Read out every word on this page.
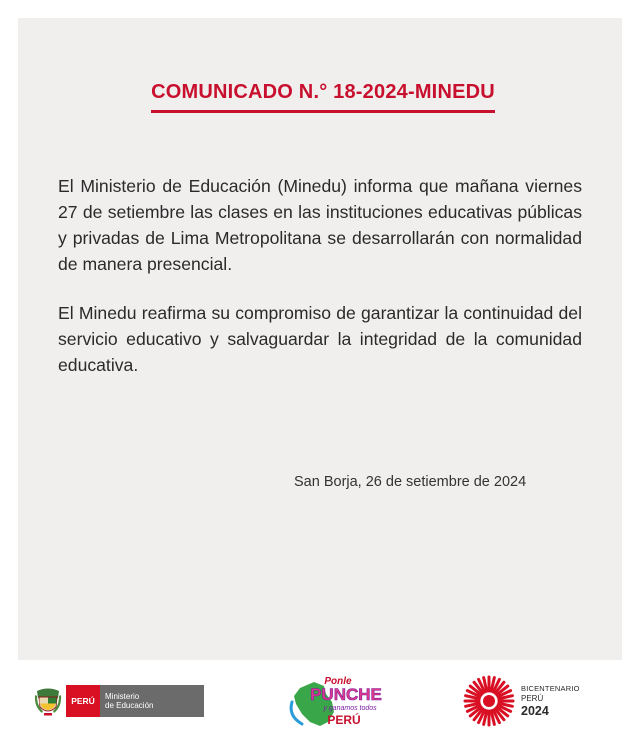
COMUNICADO N.° 18-2024-MINEDU

El Ministerio de Educación (Minedu) informa que mañana viernes 27 de setiembre las clases en las instituciones educativas públicas y privadas de Lima Metropolitana se desarrollarán con normalidad de manera presencial.

El Minedu reafirma su compromiso de garantizar la continuidad del servicio educativo y salvaguardar la integridad de la comunidad educativa.

San Borja, 26 de setiembre de 2024
PERÚ	Ministerio
de Educación
Ponle
PUNCHE
y ganamos todos
PERÚ
BICENTENARIO
PERÚ
2024
